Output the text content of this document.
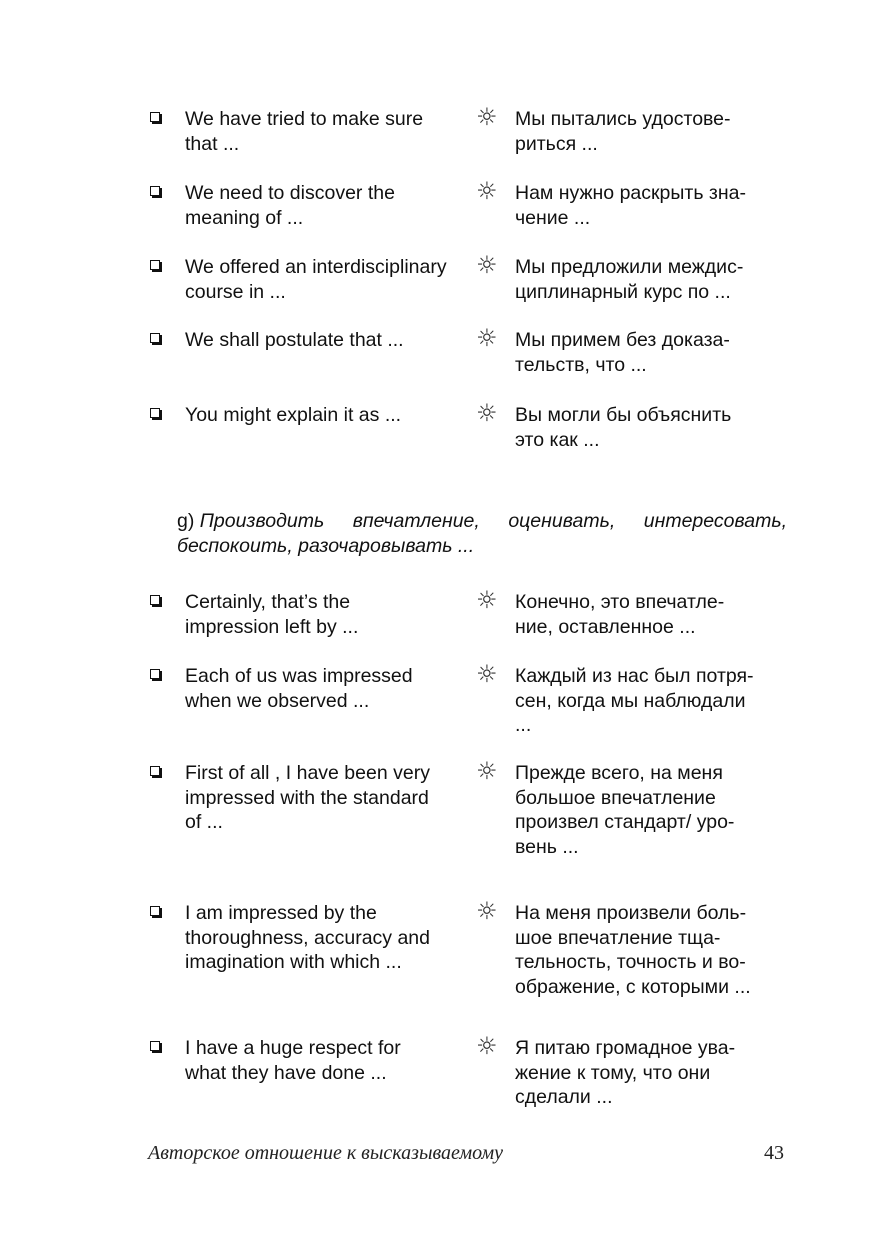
We have tried to make sure
that ...
☼ Мы пытались удостове-
риться ...
We need to discover the
meaning of ...
☼ Нам нужно раскрыть зна-
чение ...
We offered an interdisciplinary
course in ...
☼ Мы предложили междис-
циплинарный курс по ...
We shall postulate that ...	☼ Мы примем без доказа-
тельств, что ...
You might explain it as ...	☼ Вы могли бы объяснить
это как ...
g) Производить впечатление, оценивать, интересовать,
беспокоить, разочаровывать ...
Certainly, that’s the
impression left by ...
☼ Конечно, это впечатле-
ние, оставленное ...
Each of us was impressed
when we observed ...
☼ Каждый из нас был потря-
сен, когда мы наблюдали
...
First of all , I have been very
impressed with the standard
of ...
☼ Прежде всего, на меня
большое впечатление
произвел стандарт/ уро-
вень ...
I am impressed by the
thoroughness, accuracy and
imagination with which ...
☼ На меня произвели боль-
шое впечатление тща-
тельность, точность и во-
ображение, с которыми ...
I have a huge respect for
what they have done ...
☼ Я питаю громадное ува-
жение к тому, что они
сделали ...
Авторское отношение к высказываемому	43
